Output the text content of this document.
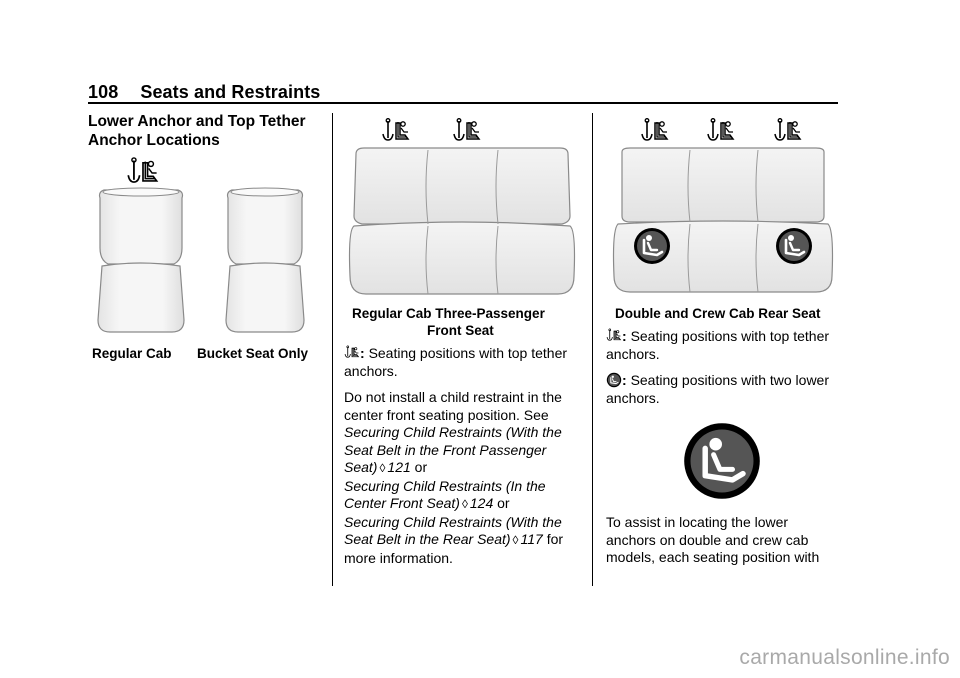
108 Seats and Restraints
Lower Anchor and Top Tether Anchor Locations
Regular Cab Bucket Seat Only
Regular Cab Three-Passenger
Front Seat

: Seating positions with top tether anchors.

Do not install a child restraint in the center front seating position. See Securing Child Restraints (With the Seat Belt in the Front Passenger Seat) ◊ 121 or
Securing Child Restraints (In the Center Front Seat) ◊ 124 or
Securing Child Restraints (With the Seat Belt in the Rear Seat) ◊ 117 for more information.

Double and Crew Cab Rear Seat

: Seating positions with top tether anchors.

: Seating positions with two lower anchors.

To assist in locating the lower anchors on double and crew cab models, each seating position with
carmanualsonline.info
